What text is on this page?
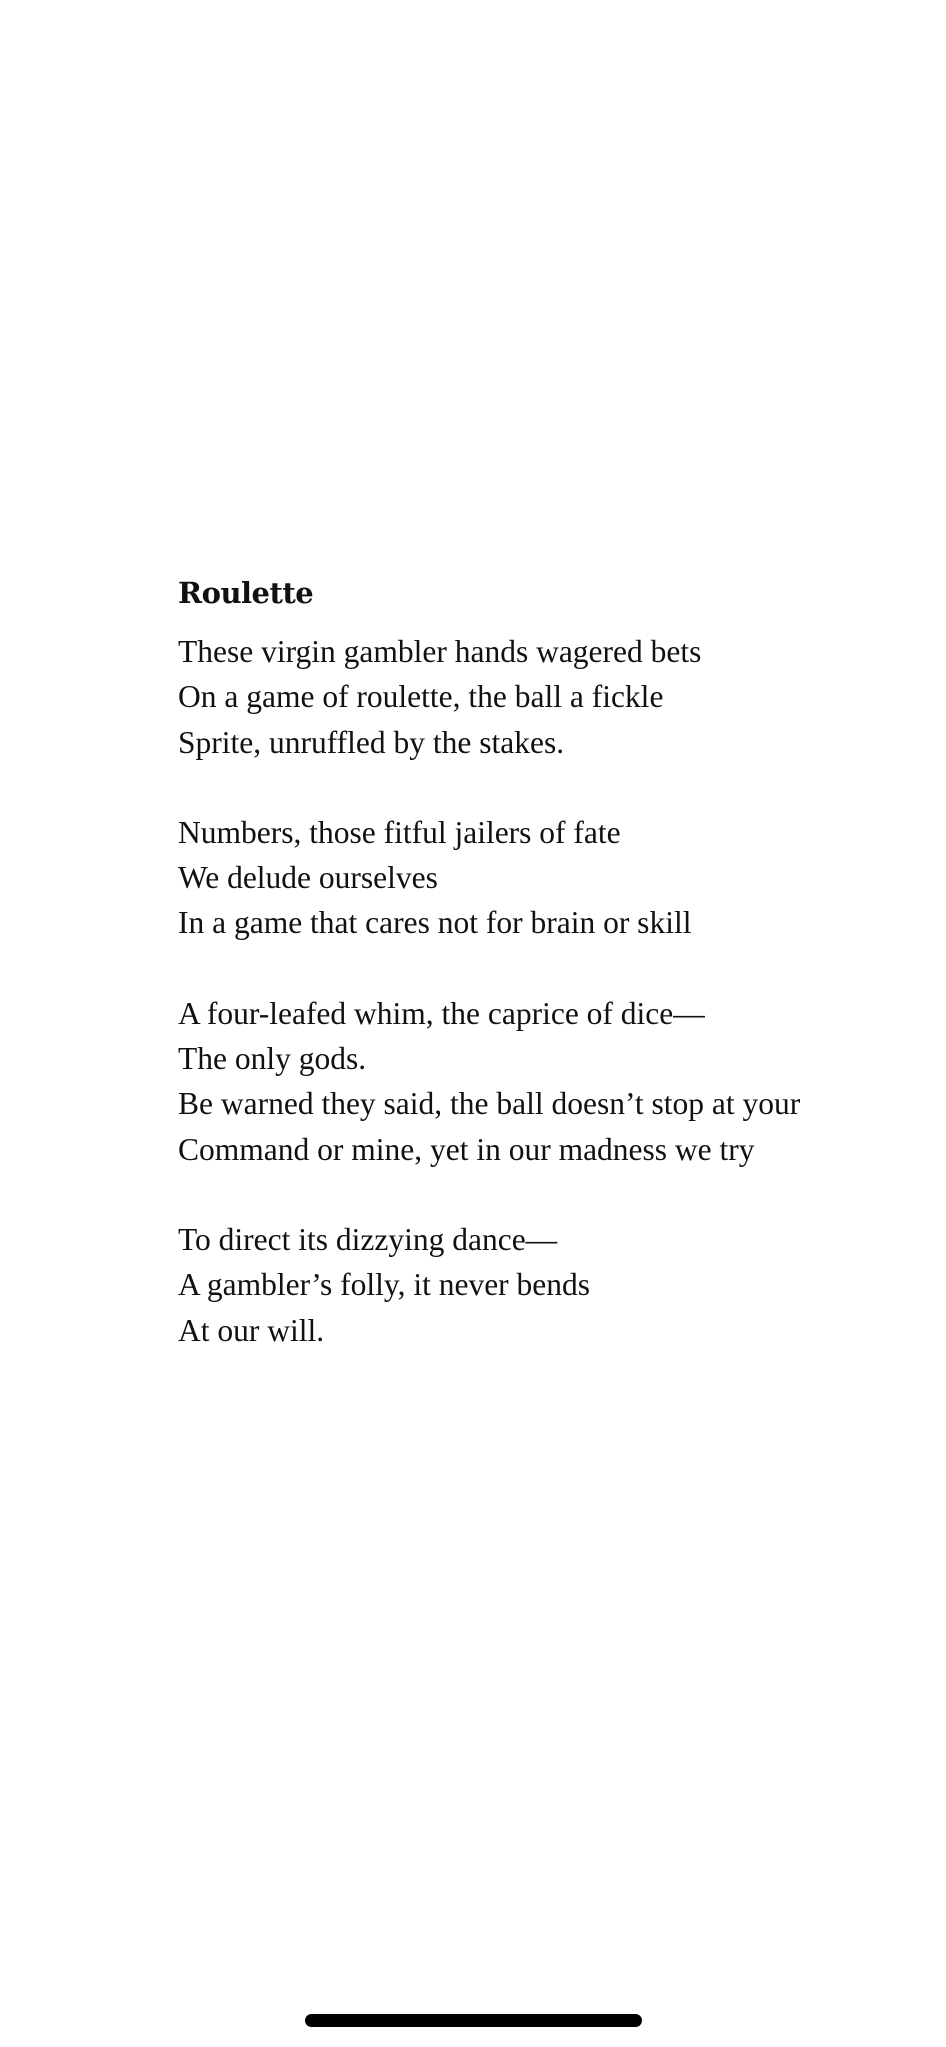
Roulette
These virgin gambler hands wagered bets
On a game of roulette, the ball a fickle
Sprite, unruffled by the stakes.
Numbers, those fitful jailers of fate
We delude ourselves
In a game that cares not for brain or skill
A four-leafed whim, the caprice of dice—
The only gods.
Be warned they said, the ball doesn’t stop at your
Command or mine, yet in our madness we try
To direct its dizzying dance—
A gambler’s folly, it never bends
At our will.
